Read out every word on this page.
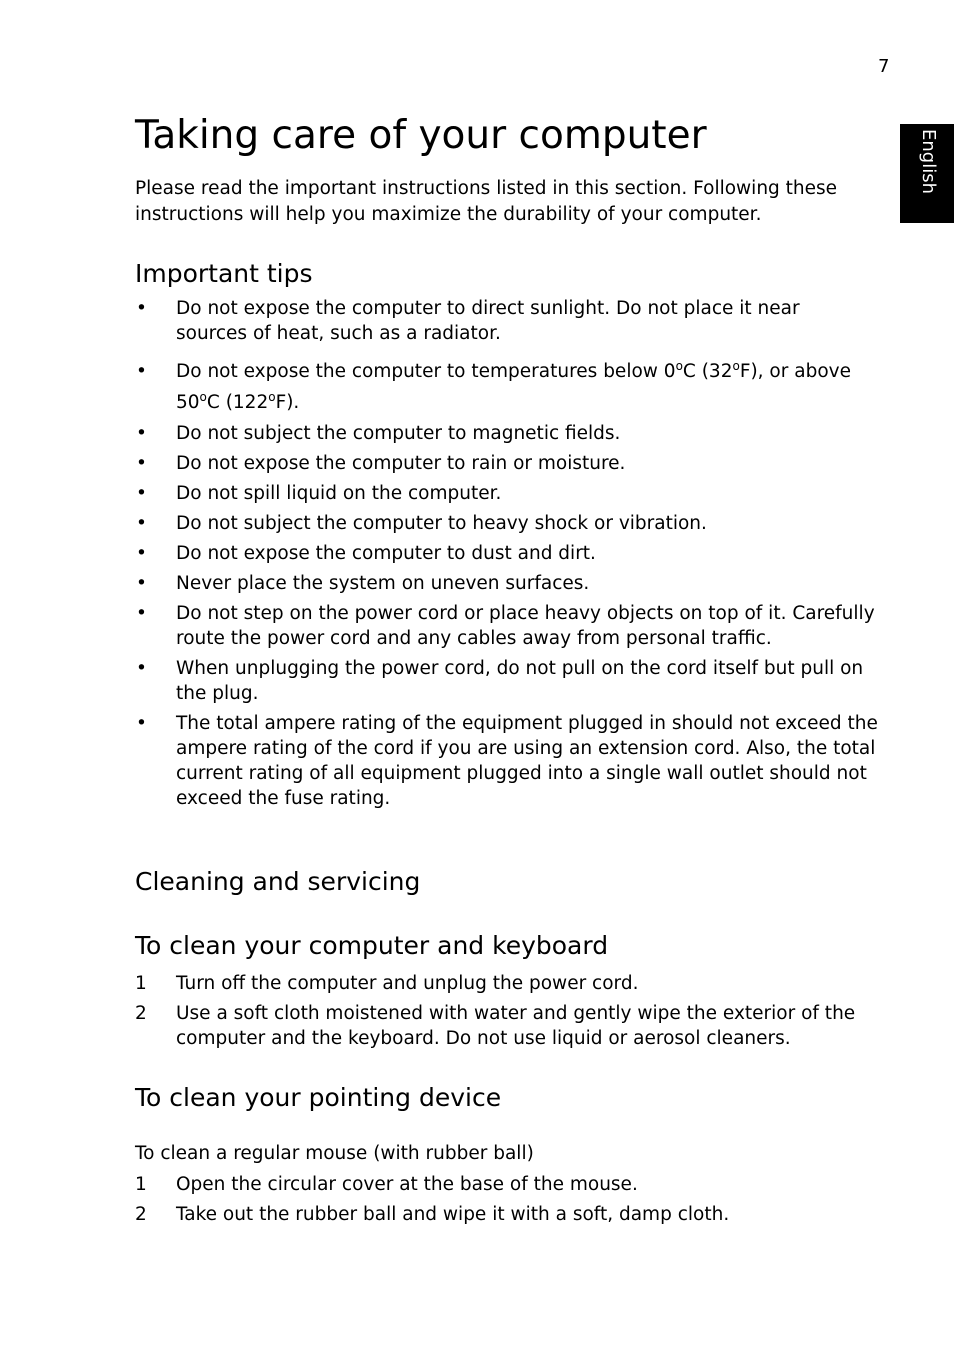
7
English
Taking care of your computer

Please read the important instructions listed in this section. Following these instructions will help you maximize the durability of your computer.

Important tips
•	Do not expose the computer to direct sunlight. Do not place it near sources of heat, such as a radiator.
•	Do not expose the computer to temperatures below 0$^o$C (32$^o$F), or above 50$^o$C (122$^o$F).
•	Do not subject the computer to magnetic fields.
•	Do not expose the computer to rain or moisture.
•	Do not spill liquid on the computer.
•	Do not subject the computer to heavy shock or vibration.
•	Do not expose the computer to dust and dirt.
•	Never place the system on uneven surfaces.
•	Do not step on the power cord or place heavy objects on top of it. Carefully route the power cord and any cables away from personal traffic.
•	When unplugging the power cord, do not pull on the cord itself but pull on the plug.
•	The total ampere rating of the equipment plugged in should not exceed the ampere rating of the cord if you are using an extension cord. Also, the total current rating of all equipment plugged into a single wall outlet should not exceed the fuse rating.
Cleaning and servicing
To clean your computer and keyboard
1	Turn off the computer and unplug the power cord.
2	Use a soft cloth moistened with water and gently wipe the exterior of the computer and the keyboard. Do not use liquid or aerosol cleaners.
To clean your pointing device

To clean a regular mouse (with rubber ball)

1	Open the circular cover at the base of the mouse.
2	Take out the rubber ball and wipe it with a soft, damp cloth.
